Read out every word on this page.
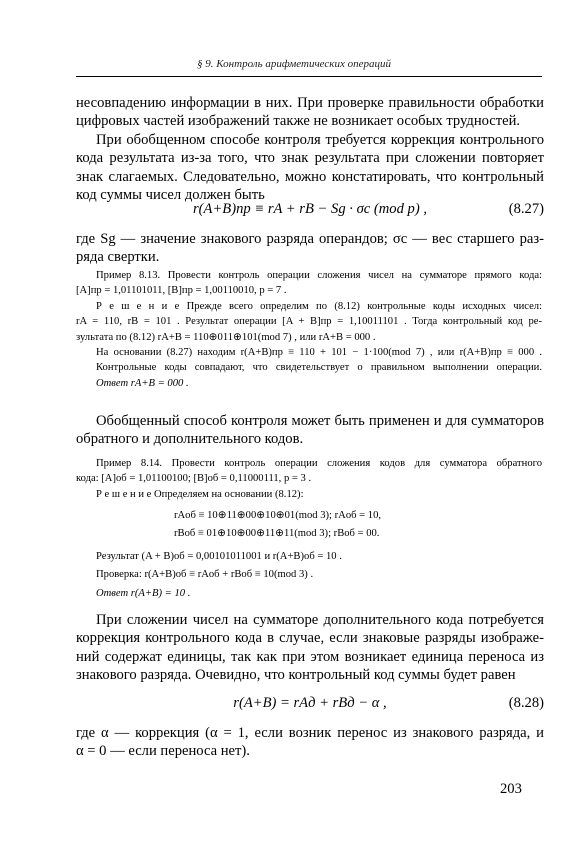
§ 9. Контроль арифметических операций
несовпадению информации в них. При проверке правильности обработки
цифровых частей изображений также не возникает особых трудностей.
При обобщенном способе контроля требуется коррекция контрольного
кода результата из-за того, что знак результата при сложении повторяет
знак слагаемых. Следовательно, можно констатировать, что контрольный
код суммы чисел должен быть
r(A+B)пр ≡ rA + rB − Sg · σс (mod p) ,	(8.27)
где Sg — значение знакового разряда операндов; σс — вес старшего раз-
ряда свертки.
Пример 8.13. Провести контроль операции сложения чисел на сумматоре прямого кода:
[A]пр = 1,01101011, [B]пр = 1,00110010, p = 7 .
Р е ш е н и е Прежде всего определим по (8.12) контрольные коды исходных чисел:
rA = 110, rB = 101 . Результат операции [A + B]пр = 1,10011101 . Тогда контрольный код ре-
зультата по (8.12) rA+B = 110⊕011⊕101(mod 7) , или rA+B = 000 .
На основании (8.27) находим r(A+B)пр ≡ 110 + 101 − 1·100(mod 7) , или r(A+B)пр ≡ 000 .
Контрольные коды совпадают, что свидетельствует о правильном выполнении операции.
Ответ rA+B = 000 .
Обобщенный способ контроля может быть применен и для сумматоров
обратного и дополнительного кодов.
Пример 8.14. Провести контроль операции сложения кодов для сумматора обратного
кода: [A]об = 1,01100100; [B]об = 0,11000111, p = 3 .
Р е ш е н и е Определяем на основании (8.12):
rAоб ≡ 10⊕11⊕00⊕10⊕01(mod 3); rAоб = 10,
rBоб ≡ 01⊕10⊕00⊕11⊕11(mod 3); rBоб = 00.
Результат (A + B)об = 0,00101011001 и r(A+B)об = 10 .
Проверка: r(A+B)об ≡ rAоб + rBоб ≡ 10(mod 3) .
Ответ r(A+B) = 10 .
При сложении чисел на сумматоре дополнительного кода потребуется
коррекция контрольного кода в случае, если знаковые разряды изображе-
ний содержат единицы, так как при этом возникает единица переноса из
знакового разряда. Очевидно, что контрольный код суммы будет равен
r(A+B) = rAд + rBд − α ,	(8.28)
где α — коррекция (α = 1, если возник перенос из знакового разряда, и
α = 0 — если переноса нет).
203
